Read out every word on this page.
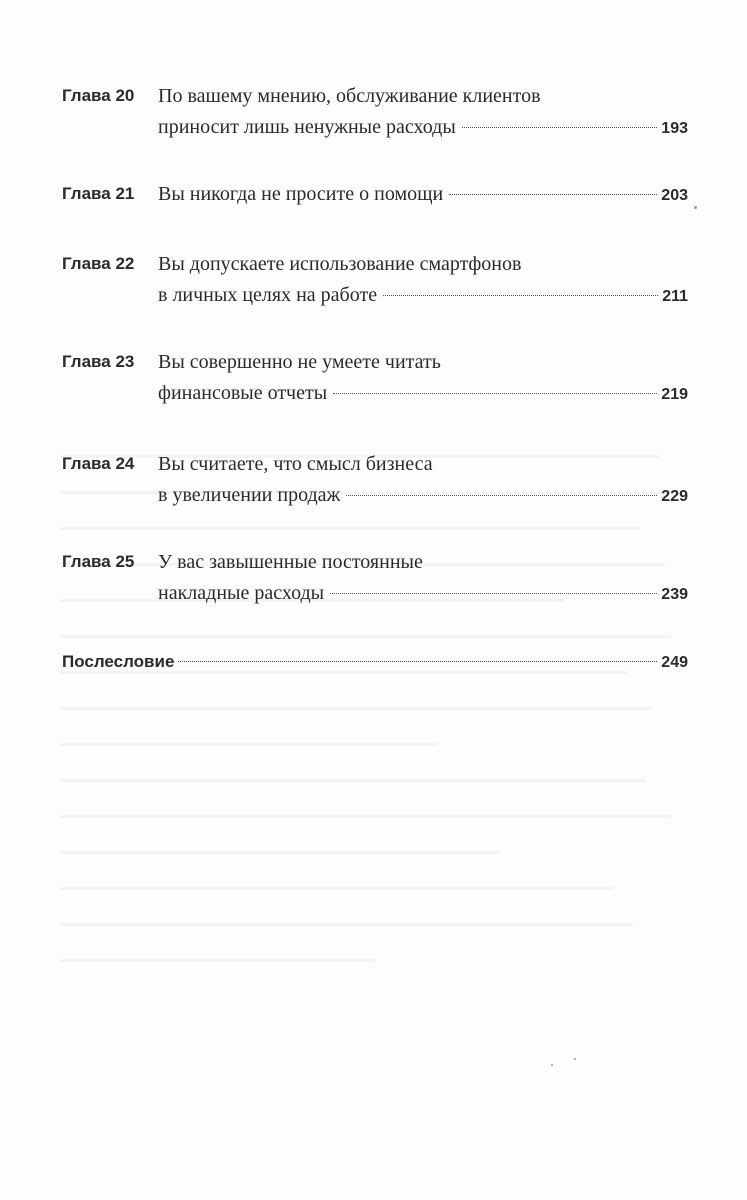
Глава 20 По вашему мнению, обслуживание клиентов
приносит лишь ненужные расходы	193
Глава 21 Вы никогда не просите о помощи	203
Глава 22 Вы допускаете использование смартфонов
в личных целях на работе	211
Глава 23 Вы совершенно не умеете читать
финансовые отчеты	219
Глава 24 Вы считаете, что смысл бизнеса
в увеличении продаж	229
Глава 25 У вас завышенные постоянные
накладные расходы	239
Послесловие	249
